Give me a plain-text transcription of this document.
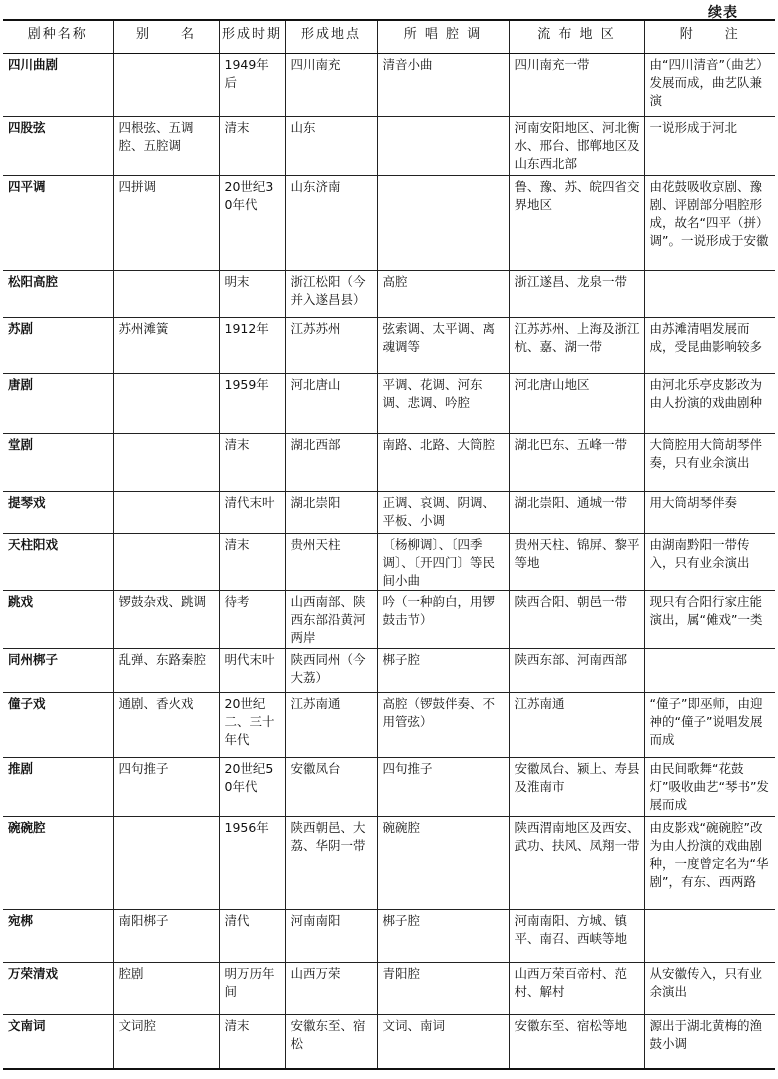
续表
剧种名称	别　　名	形成时期	形成地点	所 唱 腔 调	流 布 地 区	附　　注
四川曲剧		1949年后	四川南充	清音小曲	四川南充一带	由“四川清音”（曲艺）发展而成，曲艺队兼演
四股弦	四根弦、五调腔、五腔调	清末	山东		河南安阳地区、河北衡水、邢台、邯郸地区及山东西北部	一说形成于河北
四平调	四拼调	20世纪30年代	山东济南		鲁、豫、苏、皖四省交界地区	由花鼓吸收京剧、豫剧、评剧部分唱腔形成，故名“四平（拼）调”。一说形成于安徽
松阳高腔		明末	浙江松阳（今并入遂昌县）	高腔	浙江遂昌、龙泉一带	
苏剧	苏州滩簧	1912年	江苏苏州	弦索调、太平调、离魂调等	江苏苏州、上海及浙江杭、嘉、湖一带	由苏滩清唱发展而成，受昆曲影响较多
唐剧		1959年	河北唐山	平调、花调、河东调、悲调、吟腔	河北唐山地区	由河北乐亭皮影改为由人扮演的戏曲剧种
堂剧		清末	湖北西部	南路、北路、大筒腔	湖北巴东、五峰一带	大筒腔用大筒胡琴伴奏，只有业余演出
提琴戏		清代末叶	湖北崇阳	正调、哀调、阴调、平板、小调	湖北崇阳、通城一带	用大筒胡琴伴奏
天柱阳戏		清末	贵州天柱	〔杨柳调〕、〔四季调〕、〔开四门〕等民间小曲	贵州天柱、锦屏、黎平等地	由湖南黔阳一带传入，只有业余演出
跳戏	锣鼓杂戏、跳调	待考	山西南部、陕西东部沿黄河两岸	吟（一种韵白，用锣鼓击节）	陕西合阳、朝邑一带	现只有合阳行家庄能演出，属“傩戏”一类
同州梆子	乱弹、东路秦腔	明代末叶	陕西同州（今大荔）	梆子腔	陕西东部、河南西部	
僮子戏	通剧、香火戏	20世纪二、三十年代	江苏南通	高腔（锣鼓伴奏、不用管弦）	江苏南通	“僮子”即巫师，由迎神的“僮子”说唱发展而成
推剧	四句推子	20世纪50年代	安徽凤台	四句推子	安徽凤台、颍上、寿县及淮南市	由民间歌舞“花鼓灯”吸收曲艺“琴书”发展而成
碗碗腔		1956年	陕西朝邑、大荔、华阴一带	碗碗腔	陕西渭南地区及西安、武功、扶风、凤翔一带	由皮影戏“碗碗腔”改为由人扮演的戏曲剧种，一度曾定名为“华剧”，有东、西两路
宛梆	南阳梆子	清代	河南南阳	梆子腔	河南南阳、方城、镇平、南召、西峡等地	
万荣清戏	腔剧	明万历年间	山西万荣	青阳腔	山西万荣百帝村、范村、解村	从安徽传入，只有业余演出
文南词	文词腔	清末	安徽东至、宿松	文词、南词	安徽东至、宿松等地	源出于湖北黄梅的渔鼓小调
